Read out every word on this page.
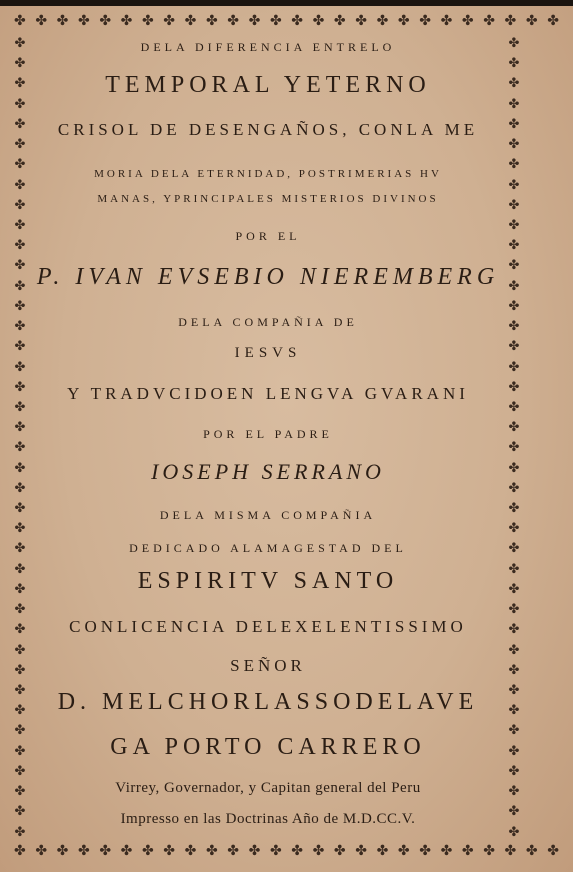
✤ ✤ ✤ ✤ ✤ ✤ ✤ ✤ ✤ ✤ ✤ ✤ ✤ ✤ ✤ ✤ ✤ ✤ ✤ ✤ ✤ ✤ ✤ ✤ ✤ ✤
✤ ✤ ✤ ✤ ✤ ✤ ✤ ✤ ✤ ✤ ✤ ✤ ✤ ✤ ✤ ✤ ✤ ✤ ✤ ✤ ✤ ✤ ✤ ✤ ✤ ✤
✤
✤
✤
✤
✤
✤
✤
✤
✤
✤
✤
✤
✤
✤
✤
✤
✤
✤
✤
✤
✤
✤
✤
✤
✤
✤
✤
✤
✤
✤
✤
✤
✤
✤
✤
✤
✤
✤
✤
✤
✤
✤
✤
✤
✤
✤
✤
✤
✤
✤
✤
✤
✤
✤
✤
✤
✤
✤
✤
✤
✤
✤
✤
✤
✤
✤
✤
✤
✤
✤
✤
✤
✤
✤
✤
✤
✤
✤
✤
✤
DELA DIFERENCIA ENTRELO
TEMPORAL YETERNO
CRISOL DE DESENGAÑOS, CONLA ME
MORIA DELA ETERNIDAD, POSTRIMERIAS HV
MANAS, YPRINCIPALES MISTERIOS DIVINOS
POR EL
P. IVAN EVSEBIO NIEREMBERG
DELA COMPAÑIA DE
IESVS
Y TRADVCIDOEN LENGVA GVARANI
POR EL PADRE
IOSEPH SERRANO
DELA MISMA COMPAÑIA
DEDICADO ALAMAGESTAD DEL
ESPIRITV SANTO
CONLICENCIA DELEXELENTISSIMO
SEÑOR
D. MELCHORLASSODELAVE
GA PORTO CARRERO
Virrey, Governador, y Capitan general del Peru
Impresso en las Doctrinas Año de M.D.CC.V.
